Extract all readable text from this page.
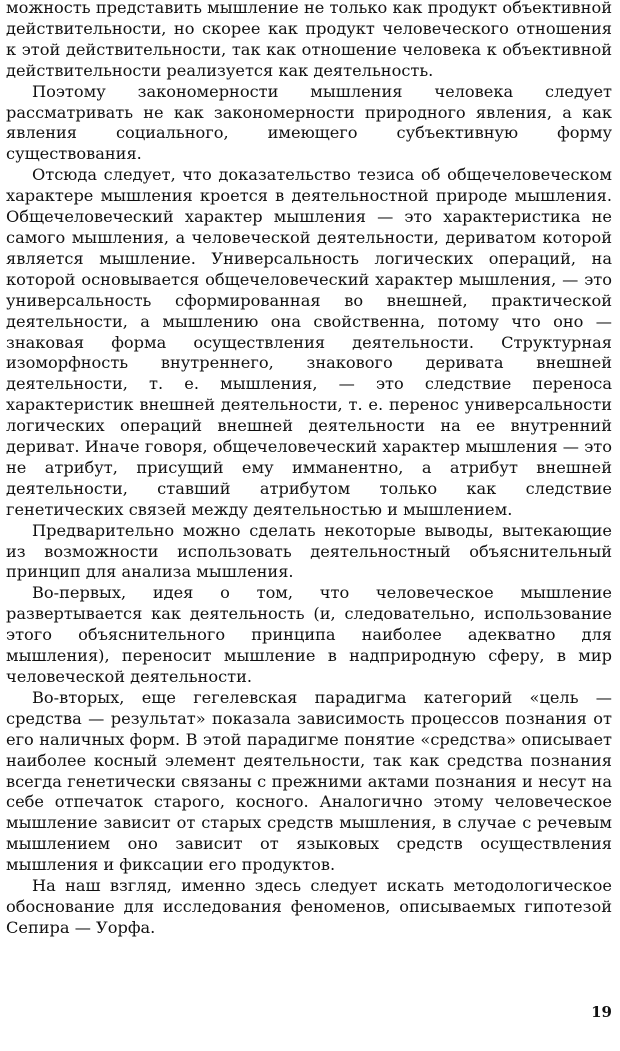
можность представить мышление не только как продукт объективной действительности, но скорее как продукт человеческого отношения к этой действительности, так как отношение человека к объективной действительности реализуется как деятельность.

Поэтому закономерности мышления человека следует рассматривать не как закономерности природного явления, а как явления социального, имеющего субъективную форму существования.

Отсюда следует, что доказательство тезиса об общечеловеческом характере мышления кроется в деятельностной природе мышления. Общечеловеческий характер мышления — это характеристика не самого мышления, а человеческой деятельности, дериватом которой является мышление. Универсальность логических операций, на которой основывается общечеловеческий характер мышления, — это универсальность сформированная во внешней, практической деятельности, а мышлению она свойственна, потому что оно — знаковая форма осуществления деятельности. Структурная изоморфность внутреннего, знакового деривата внешней деятельности, т. е. мышления, — это следствие переноса характеристик внешней деятельности, т. е. перенос универсальности логических операций внешней деятельности на ее внутренний дериват. Иначе говоря, общечеловеческий характер мышления — это не атрибут, присущий ему имманентно, а атрибут внешней деятельности, ставший атрибутом только как следствие генетических связей между деятельностью и мышлением.

Предварительно можно сделать некоторые выводы, вытекающие из возможности использовать деятельностный объяснительный принцип для анализа мышления.

Во-первых, идея о том, что человеческое мышление развертывается как деятельность (и, следовательно, использование этого объяснительного принципа наиболее адекватно для мышления), переносит мышление в надприродную сферу, в мир человеческой деятельности.

Во-вторых, еще гегелевская парадигма категорий «цель — средства — результат» показала зависимость процессов познания от его наличных форм. В этой парадигме понятие «средства» описывает наиболее косный элемент деятельности, так как средства познания всегда генетически связаны с прежними актами познания и несут на себе отпечаток старого, косного. Аналогично этому человеческое мышление зависит от старых средств мышления, в случае с речевым мышлением оно зависит от языковых средств осуществления мышления и фиксации его продуктов.

На наш взгляд, именно здесь следует искать методологическое обоснование для исследования феноменов, описываемых гипотезой Сепира — Уорфа.

19
